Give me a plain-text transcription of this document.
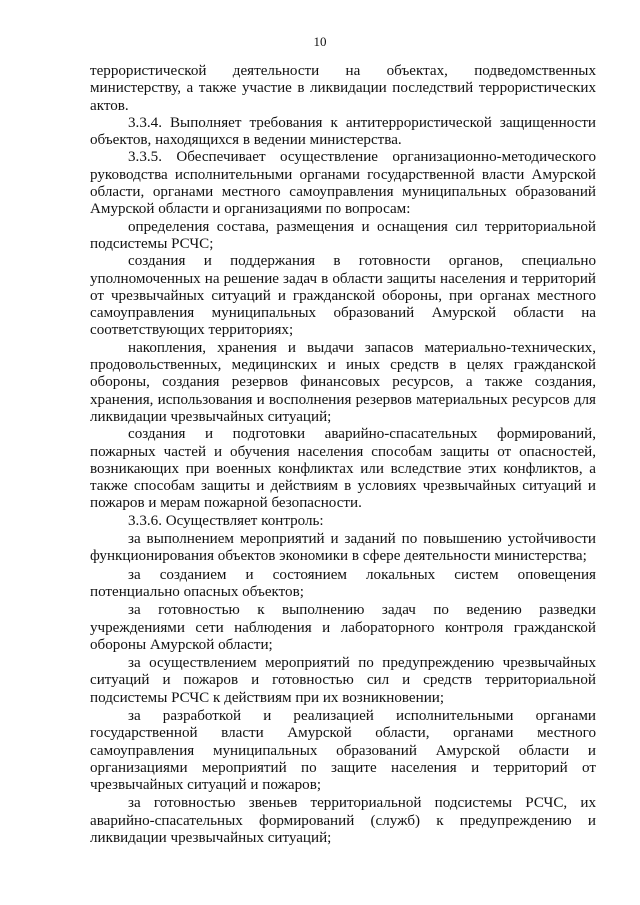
10

террористической деятельности на объектах, подведомственных министерству, а также участие в ликвидации последствий террористических актов.

3.3.4. Выполняет требования к антитеррористической защищенности объектов, находящихся в ведении министерства.

3.3.5. Обеспечивает осуществление организационно-методического руководства исполнительными органами государственной власти Амурской области, органами местного самоуправления муниципальных образований Амурской области и организациями по вопросам:

определения состава, размещения и оснащения сил территориальной подсистемы РСЧС;

создания и поддержания в готовности органов, специально уполномоченных на решение задач в области защиты населения и территорий от чрезвычайных ситуаций и гражданской обороны, при органах местного самоуправления муниципальных образований Амурской области на соответствующих территориях;

накопления, хранения и выдачи запасов материально-технических, продовольственных, медицинских и иных средств в целях гражданской обороны, создания резервов финансовых ресурсов, а также создания, хранения, использования и восполнения резервов материальных ресурсов для ликвидации чрезвычайных ситуаций;

создания и подготовки аварийно-спасательных формирований, пожарных частей и обучения населения способам защиты от опасностей, возникающих при военных конфликтах или вследствие этих конфликтов, а также способам защиты и действиям в условиях чрезвычайных ситуаций и пожаров и мерам пожарной безопасности.

3.3.6. Осуществляет контроль:

за выполнением мероприятий и заданий по повышению устойчивости функционирования объектов экономики в сфере деятельности министерства;

за созданием и состоянием локальных систем оповещения потенциально опасных объектов;

за готовностью к выполнению задач по ведению разведки учреждениями сети наблюдения и лабораторного контроля гражданской обороны Амурской области;

за осуществлением мероприятий по предупреждению чрезвычайных ситуаций и пожаров и готовностью сил и средств территориальной подсистемы РСЧС к действиям при их возникновении;

за разработкой и реализацией исполнительными органами государственной власти Амурской области, органами местного самоуправления муниципальных образований Амурской области и организациями мероприятий по защите населения и территорий от чрезвычайных ситуаций и пожаров;

за готовностью звеньев территориальной подсистемы РСЧС, их аварийно-спасательных формирований (служб) к предупреждению и ликвидации чрезвычайных ситуаций;
